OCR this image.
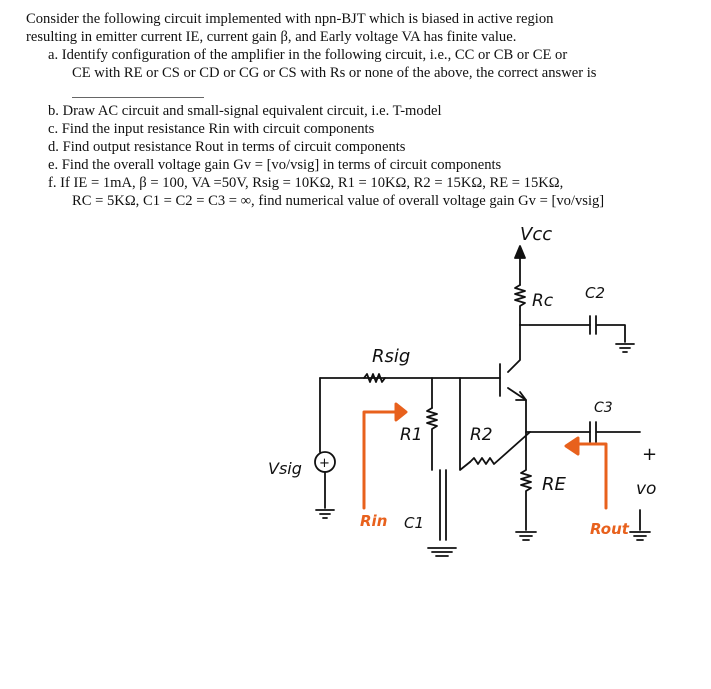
Consider the following circuit implemented with npn-BJT which is biased in active region
resulting in emitter current IE, current gain β, and Early voltage VA has finite value.
a. Identify configuration of the amplifier in the following circuit, i.e., CC or CB or CE or
CE with RE or CS or CD or CG or CS with Rs or none of the above, the correct answer is
b. Draw AC circuit and small-signal equivalent circuit, i.e. T-model
c. Find the input resistance Rin with circuit components
d. Find output resistance Rout in terms of circuit components
e. Find the overall voltage gain Gv = [vo/vsig] in terms of circuit components
f. If IE = 1mA, β = 100, VA =50V, Rsig = 10KΩ, R1 = 10KΩ, R2 = 15KΩ, RE = 15KΩ,
RC = 5KΩ, C1 = C2 = C3 = ∞, find numerical value of overall voltage gain Gv = [vo/vsig]
Vcc
Rc C2
C3
Rsig
R1	R2
RE
Vsig +
Rin C1	Rout
+
vo
